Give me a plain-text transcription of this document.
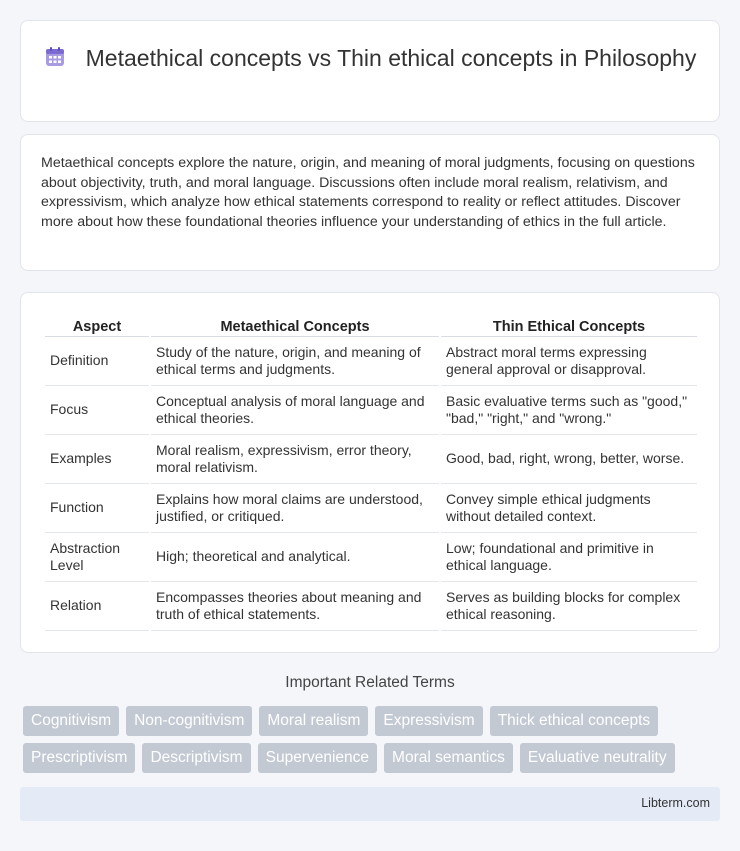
Metaethical concepts vs Thin ethical concepts in Philosophy

Metaethical concepts explore the nature, origin, and meaning of moral judgments, focusing on questions about objectivity, truth, and moral language. Discussions often include moral realism, relativism, and expressivism, which analyze how ethical statements correspond to reality or reflect attitudes. Discover more about how these foundational theories influence your understanding of ethics in the full article.

Aspect	Metaethical Concepts	Thin Ethical Concepts
Definition	Study of the nature, origin, and meaning of ethical terms and judgments.	Abstract moral terms expressing general approval or disapproval.
Focus	Conceptual analysis of moral language and ethical theories.	Basic evaluative terms such as "good," "bad," "right," and "wrong."
Examples	Moral realism, expressivism, error theory, moral relativism.	Good, bad, right, wrong, better, worse.
Function	Explains how moral claims are understood, justified, or critiqued.	Convey simple ethical judgments without detailed context.
Abstraction Level	High; theoretical and analytical.	Low; foundational and primitive in ethical language.
Relation	Encompasses theories about meaning and truth of ethical statements.	Serves as building blocks for complex ethical reasoning.
Important Related Terms
Cognitivism	Non-cognitivism	Moral realism	Expressivism	Thick ethical concepts
Prescriptivism	Descriptivism	Supervenience	Moral semantics	Evaluative neutrality
Libterm.com
